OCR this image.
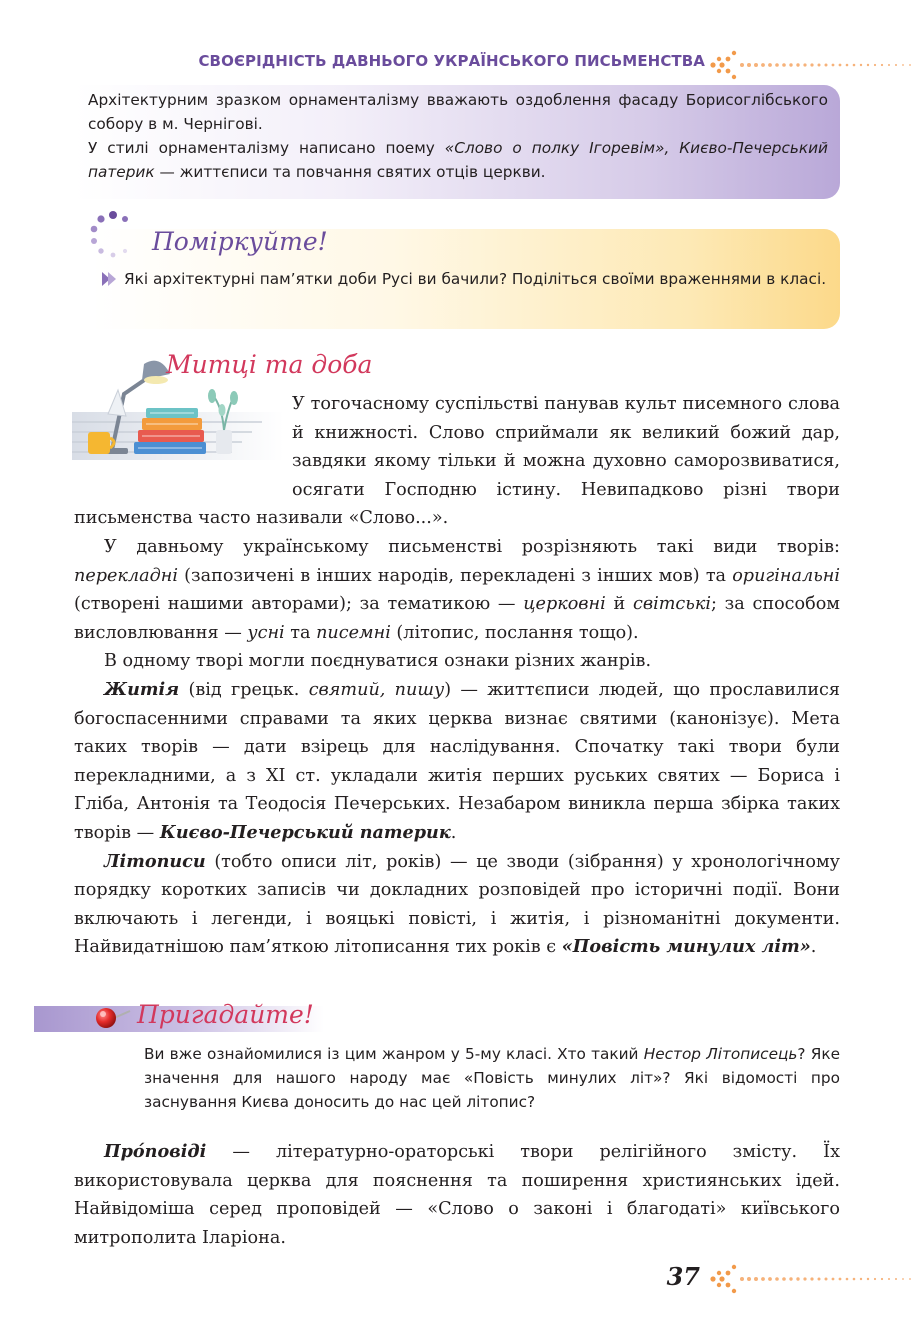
СВОЄРІДНІСТЬ ДАВНЬОГО УКРАЇНСЬКОГО ПИСЬМЕНСТВА

Архітектурним зразком орнаменталізму вважають оздоблення фасаду Борисоглібського собору в м. Чернігові.

У стилі орнаменталізму написано поему «Слово о полку Ігоревім», Києво-Печерський патерик — життєписи та повчання святих отців церкви.

Поміркуйте!
Які архітектурні пам’ятки доби Русі ви бачили? Поділіться своїми враженнями в класі.
Митці та доба

У тогочасному суспільстві панував культ писемного слова й книжності. Слово сприймали як великий божий дар, завдяки якому тільки й можна духовно саморозвиватися, осягати Господню істину. Невипадково різні твори письменства часто називали «Слово...».

У давньому українському письменстві розрізняють такі види творів: перекладні (запозичені в інших народів, перекладені з інших мов) та оригінальні (створені нашими авторами); за тематикою — церковні й світські; за способом висловлювання — усні та писемні (літопис, послання тощо).

В одному творі могли поєднуватися ознаки різних жанрів.

Житія (від грецьк. святий, пишу) — життєписи людей, що прославилися богоспасенними справами та яких церква визнає святими (канонізує). Мета таких творів — дати взірець для наслідування. Спочатку такі твори були перекладними, а з XI ст. укладали житія перших руських святих — Бориса і Гліба, Антонія та Теодосія Печерських. Незабаром виникла перша збірка таких творів — Києво-Печерський патерик.

Літописи (тобто описи літ, років) — це зводи (зібрання) у хронологічному порядку коротких записів чи докладних розповідей про історичні події. Вони включають і легенди, і вояцькі повісті, і житія, і різноманітні документи. Найвидатнішою пам’яткою літописання тих років є «Повість минулих літ».

Пригадайте!

Ви вже ознайомилися із цим жанром у 5-му класі. Хто такий Нестор Літописець? Яке значення для нашого народу має «Повість минулих літ»? Які відомості про заснування Києва доносить до нас цей літопис?

Про́повіді — літературно-ораторські твори релігійного змісту. Їх використовувала церква для пояснення та поширення християнських ідей. Найвідоміша серед проповідей — «Слово о законі і благодаті» київського митрополита Іларіона.

37
